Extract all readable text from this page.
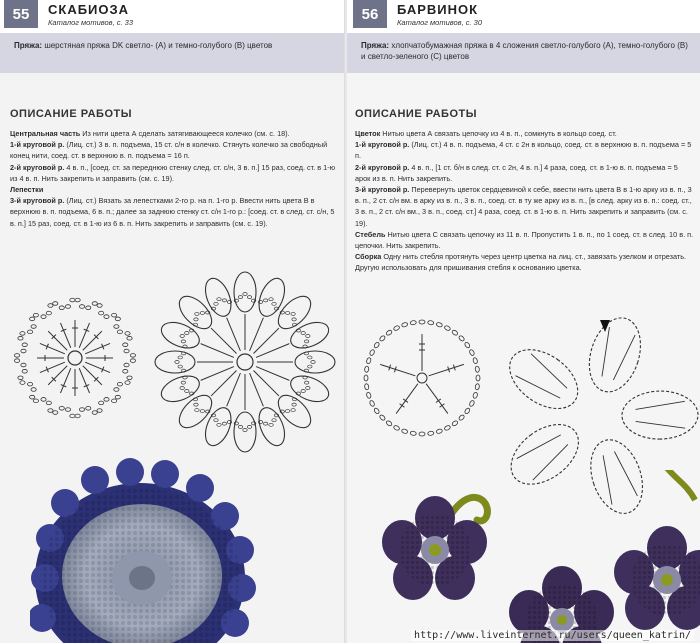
55	СКАБИОЗА
Каталог мотивов, с. 33
Пряжа: шерстяная пряжа DK светло- (А) и темно-голубого (В) цветов
ОПИСАНИЕ РАБОТЫ

Центральная часть Из нити цвета А сделать затягивающееся колечко (см. с. 18).

1-й круговой р. (Лиц. ст.) 3 в. п. подъема, 15 ст. с/н в колечко. Стянуть колечко за свободный конец нити, соед. ст. в верхнюю в. п. подъема = 16 п.

2-й круговой р. 4 в. п., [соед. ст. за переднюю стенку след. ст. с/н, 3 в. п.] 15 раз, соед. ст. в 1-ю из 4 в. п. Нить закрепить и заправить (см. с. 19).

Лепестки

3-й круговой р. (Лиц. ст.) Вязать за лепестками 2-го р. на п. 1-го р. Ввести нить цвета В в верхнюю в. п. подъема, 6 в. п.; далее за заднюю стенку ст. с/н 1-го р.: [соед. ст. в след. ст. с/н, 5 в. п.] 15 раз, соед. ст. в 1-ю из 6 в. п. Нить закрепить и заправить (см. с. 19).

56	БАРВИНОК
Каталог мотивов, с. 30
Пряжа: хлопчатобумажная пряжа в 4 сложения светло-голубого (А), темно-голубого (В) и светло-зеленого (С) цветов
ОПИСАНИЕ РАБОТЫ

Цветок Нитью цвета А связать цепочку из 4 в. п., сомкнуть в кольцо соед. ст.

1-й круговой р. (Лиц. ст.) 4 в. п. подъема, 4 ст. с 2н в кольцо, соед. ст. в верхнюю в. п. подъема = 5 п.

2-й круговой р. 4 в. п., [1 ст. б/н в след. ст. с 2н, 4 в. п.] 4 раза, соед. ст. в 1-ю в. п. подъема = 5 арок из в. п. Нить закрепить.

3-й круговой р. Перевернуть цветок сердцевиной к себе, ввести нить цвета В в 1-ю арку из в. п., 3 в. п., 2 ст. с/н вм. в арку из в. п., 3 в. п., соед. ст. в ту же арку из в. п., [в след. арку из в. п.: соед. ст., 3 в. п., 2 ст. с/н вм., 3 в. п., соед. ст.] 4 раза, соед. ст. в 1-ю в. п. Нить закрепить и заправить (см. с. 19).

Стебель Нитью цвета С связать цепочку из 11 в. п. Пропустить 1 в. п., по 1 соед. ст. в след. 10 в. п. цепочки. Нить закрепить.

Сборка Одну нить стебля протянуть через центр цветка на лиц. ст., завязать узелком и отрезать. Другую использовать для пришивания стебля к основанию цветка.

http://www.liveinternet.ru/users/queen_katrin/
